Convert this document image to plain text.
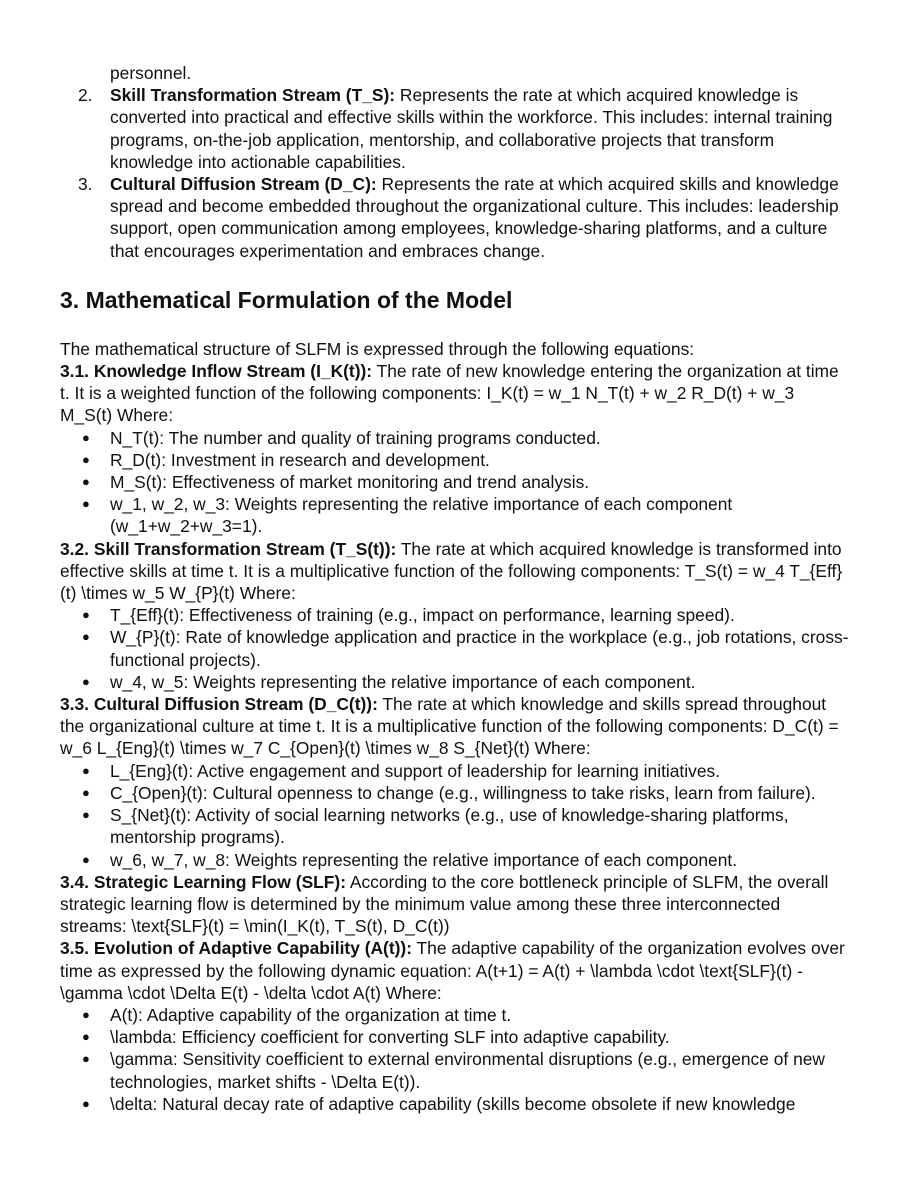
personnel.
2. Skill Transformation Stream (T_S): Represents the rate at which acquired knowledge is converted into practical and effective skills within the workforce. This includes: internal training programs, on-the-job application, mentorship, and collaborative projects that transform knowledge into actionable capabilities.
3. Cultural Diffusion Stream (D_C): Represents the rate at which acquired skills and knowledge spread and become embedded throughout the organizational culture. This includes: leadership support, open communication among employees, knowledge-sharing platforms, and a culture that encourages experimentation and embraces change.
3. Mathematical Formulation of the Model

The mathematical structure of SLFM is expressed through the following equations:

3.1. Knowledge Inflow Stream (I_K(t)): The rate of new knowledge entering the organization at time t. It is a weighted function of the following components: I_K(t) = w_1 N_T(t) + w_2 R_D(t) + w_3 M_S(t) Where:

● N_T(t): The number and quality of training programs conducted.
● R_D(t): Investment in research and development.
● M_S(t): Effectiveness of market monitoring and trend analysis.
● w_1, w_2, w_3: Weights representing the relative importance of each component (w_1+w_2+w_3=1).

3.2. Skill Transformation Stream (T_S(t)): The rate at which acquired knowledge is transformed into effective skills at time t. It is a multiplicative function of the following components: T_S(t) = w_4 T_{Eff}(t) \times w_5 W_{P}(t) Where:

● T_{Eff}(t): Effectiveness of training (e.g., impact on performance, learning speed).
● W_{P}(t): Rate of knowledge application and practice in the workplace (e.g., job rotations, cross-functional projects).
● w_4, w_5: Weights representing the relative importance of each component.

3.3. Cultural Diffusion Stream (D_C(t)): The rate at which knowledge and skills spread throughout the organizational culture at time t. It is a multiplicative function of the following components: D_C(t) = w_6 L_{Eng}(t) \times w_7 C_{Open}(t) \times w_8 S_{Net}(t) Where:

● L_{Eng}(t): Active engagement and support of leadership for learning initiatives.
● C_{Open}(t): Cultural openness to change (e.g., willingness to take risks, learn from failure).
● S_{Net}(t): Activity of social learning networks (e.g., use of knowledge-sharing platforms, mentorship programs).
● w_6, w_7, w_8: Weights representing the relative importance of each component.

3.4. Strategic Learning Flow (SLF): According to the core bottleneck principle of SLFM, the overall strategic learning flow is determined by the minimum value among these three interconnected streams: \text{SLF}(t) = \min(I_K(t), T_S(t), D_C(t))

3.5. Evolution of Adaptive Capability (A(t)): The adaptive capability of the organization evolves over time as expressed by the following dynamic equation: A(t+1) = A(t) + \lambda \cdot \text{SLF}(t) - \gamma \cdot \Delta E(t) - \delta \cdot A(t) Where:

● A(t): Adaptive capability of the organization at time t.
● \lambda: Efficiency coefficient for converting SLF into adaptive capability.
● \gamma: Sensitivity coefficient to external environmental disruptions (e.g., emergence of new technologies, market shifts - \Delta E(t)).
● \delta: Natural decay rate of adaptive capability (skills become obsolete if new knowledge
